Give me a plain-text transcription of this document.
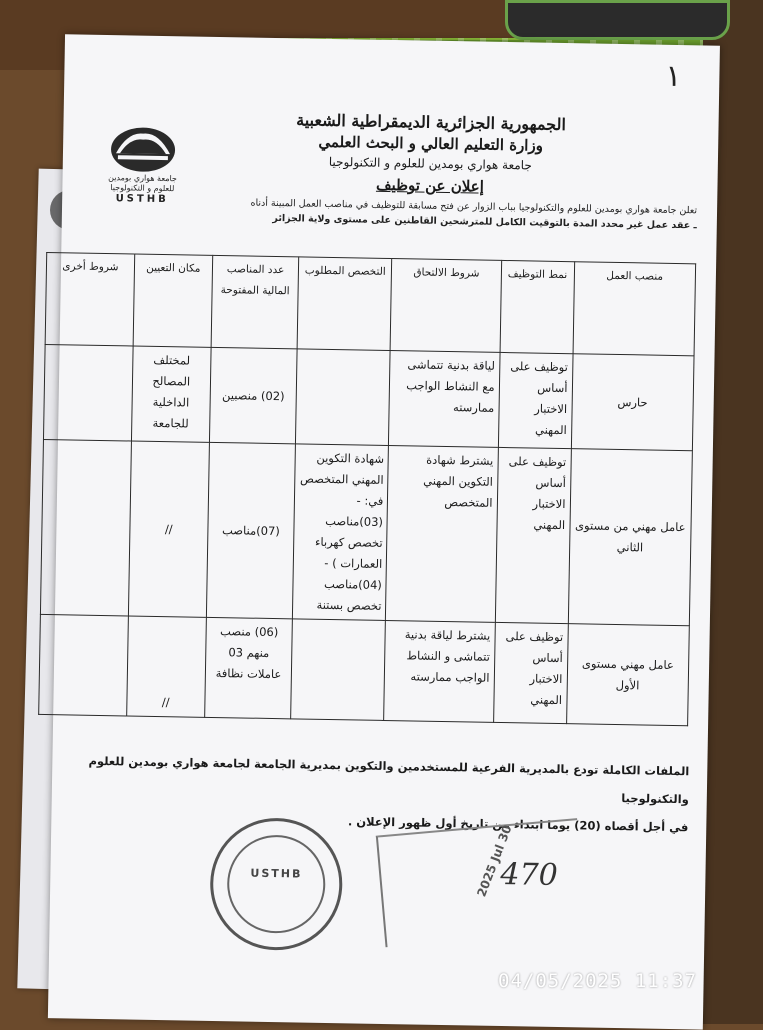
١
جامعة هواري بومدين للعلوم و التكنولوجيا
USTHB
الجمهورية الجزائرية الديمقراطية الشعبية
وزارة التعليم العالي و البحث العلمي
جامعة هواري بومدين للعلوم و التكنولوجيا
إعلان عن توظيف
تعلن جامعة هواري بومدين للعلوم والتكنولوجيا بباب الزوار عن فتح مسابقة للتوظيف في مناصب العمل المبينة أدناه
ـ عقد عمل غير محدد المدة بالتوقيت الكامل للمترشحين القاطنين على مستوى ولاية الجزائر
منصب العمل	نمط التوظيف	شروط الالتحاق	التخصص المطلوب	عدد المناصب المالية المفتوحة	مكان التعيين	شروط أخرى
حارس	توظيف على أساس الاختبار المهني	لياقة بدنية تتماشى مع النشاط الواجب ممارسته		(02) منصبين	لمختلف المصالح الداخلية للجامعة	
عامل مهني من مستوى الثاني	توظيف على أساس الاختبار المهني	يشترط شهادة التكوين المهني المتخصص	شهادة التكوين المهني المتخصص في: -(03)مناصب تخصص كهرباء العمارات ) -(04)مناصب تخصص بستنة	(07)مناصب	//	
عامل مهني مستوى الأول	توظيف على أساس الاختبار المهني	يشترط لياقة بدنية تتماشى و النشاط الواجب ممارسته		(06) منصب منهم 03 عاملات نظافة	//	
الملفات الكاملة تودع بالمديرية الفرعية للمستخدمين والتكوين بمديرية الجامعة لجامعة هواري بومدين للعلوم والتكنولوجيا
في أجل أقصاه (20) يوما ابتداء من تاريخ أول ظهور الإعلان .
USTHB	2025 Jul 30
470
04/05/2025 11:37
